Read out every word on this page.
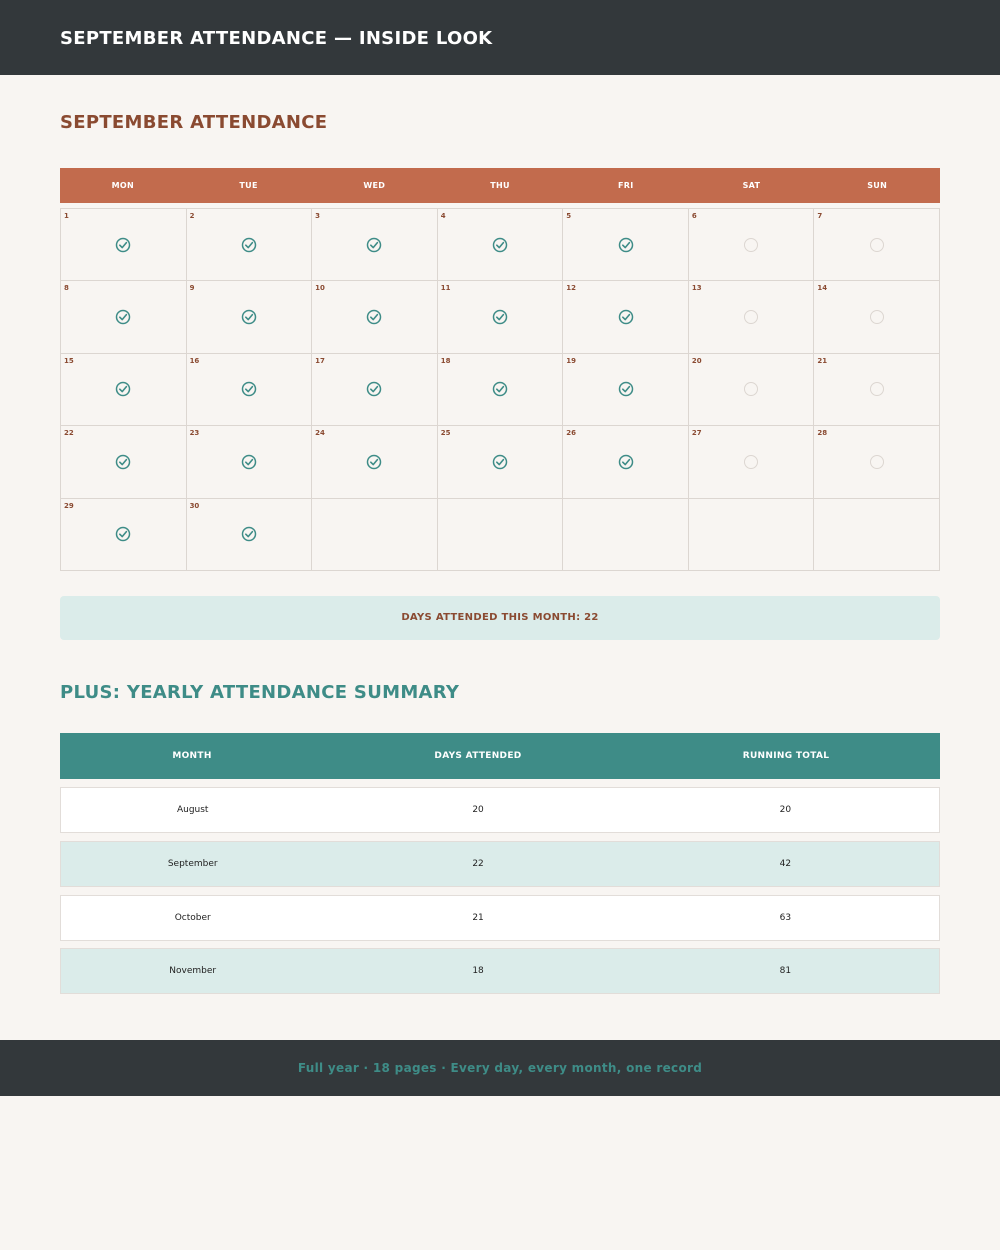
SEPTEMBER ATTENDANCE — INSIDE LOOK
SEPTEMBER ATTENDANCE
MON	TUE	WED	THU	FRI	SAT	SUN
1	2	3	4	5	6	7
8	9	10	11	12	13	14
15	16	17	18	19	20	21
22	23	24	25	26	27	28
29	30
DAYS ATTENDED THIS MONTH: 22
PLUS: YEARLY ATTENDANCE SUMMARY
MONTH	DAYS ATTENDED	RUNNING TOTAL
August	20	20
September	22	42
October	21	63
November	18	81
Full year · 18 pages · Every day, every month, one record
